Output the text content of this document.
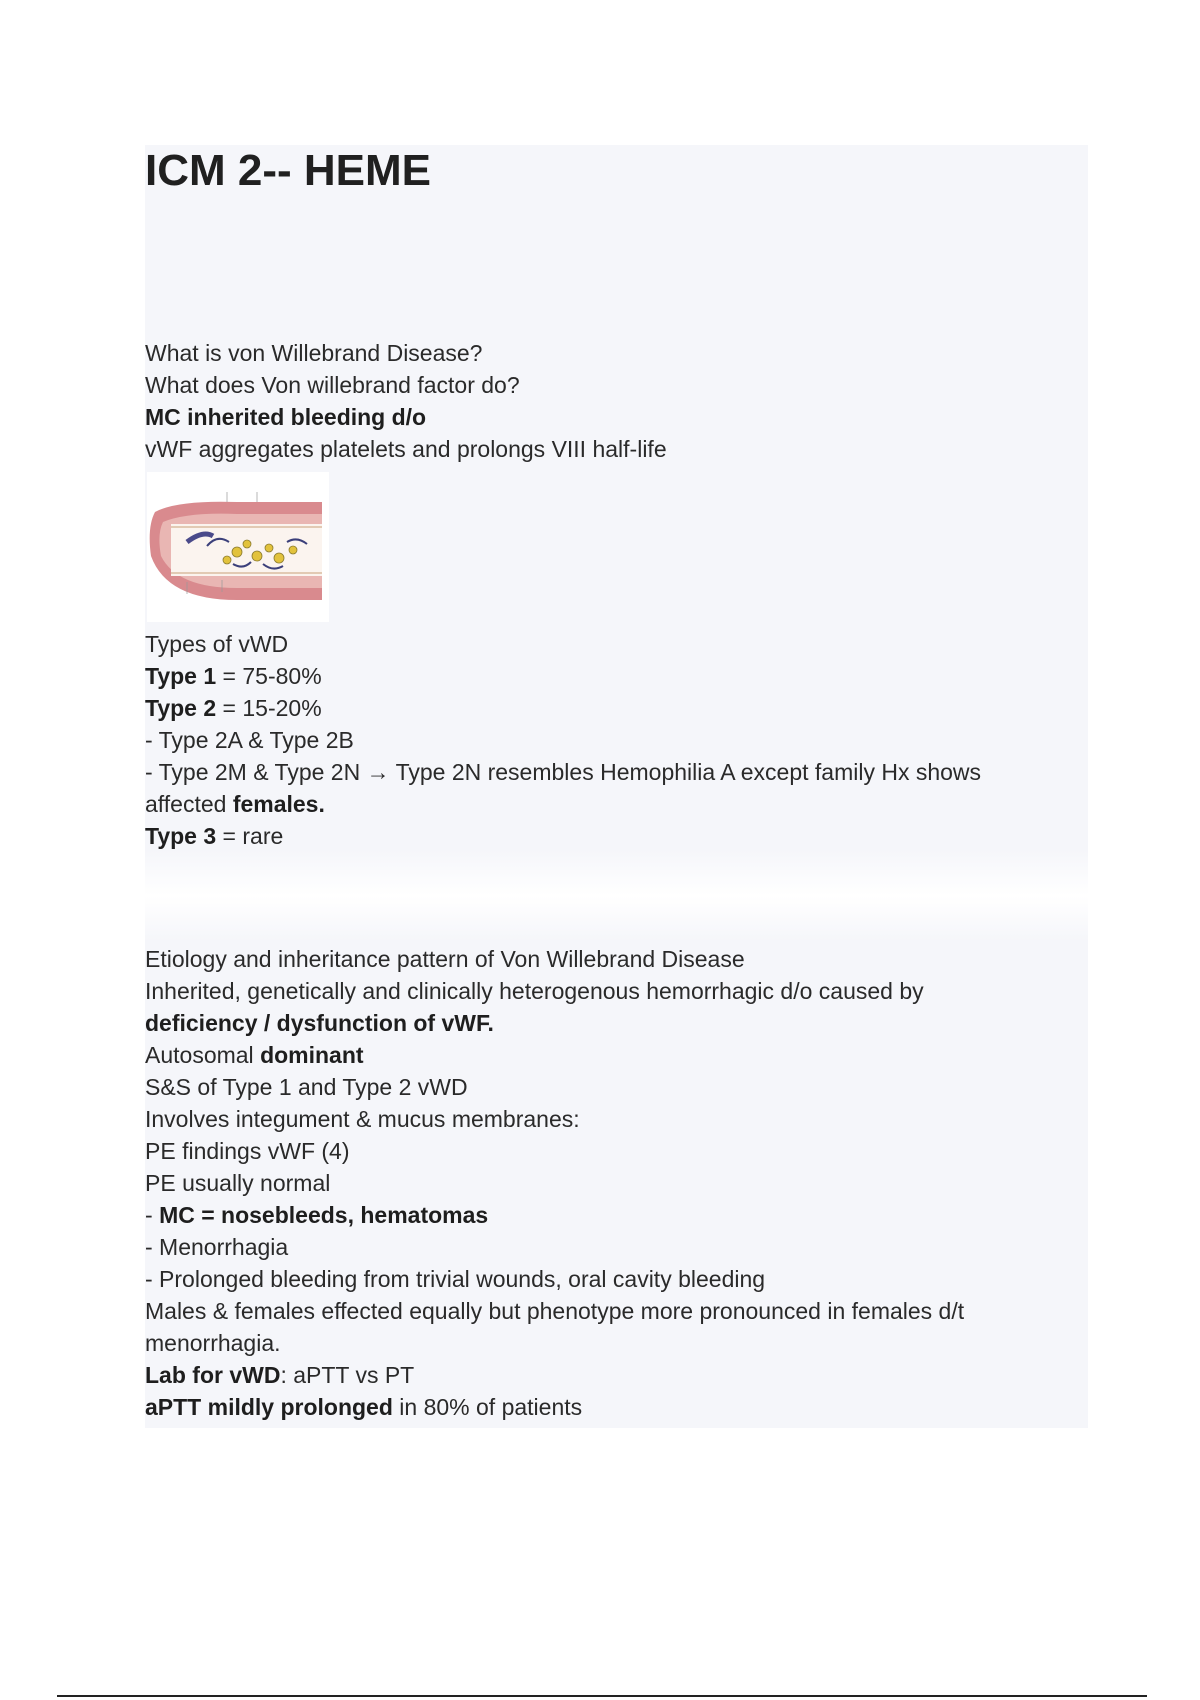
ICM 2-- HEME
What is von Willebrand Disease?
What does Von willebrand factor do?
MC inherited bleeding d/o
vWF aggregates platelets and prolongs VIII half-life
Types of vWD
Type 1 = 75-80%
Type 2 = 15-20%
- Type 2A & Type 2B
- Type 2M & Type 2N → Type 2N resembles Hemophilia A except family Hx shows
affected females.
Type 3 = rare
Etiology and inheritance pattern of Von Willebrand Disease
Inherited, genetically and clinically heterogenous hemorrhagic d/o caused by
deficiency / dysfunction of vWF.
Autosomal dominant
S&S of Type 1 and Type 2 vWD
Involves integument & mucus membranes:
PE findings vWF (4)
PE usually normal
- MC = nosebleeds, hematomas
- Menorrhagia
- Prolonged bleeding from trivial wounds, oral cavity bleeding
Males & females effected equally but phenotype more pronounced in females d/t
menorrhagia.
Lab for vWD: aPTT vs PT
aPTT mildly prolonged in 80% of patients
